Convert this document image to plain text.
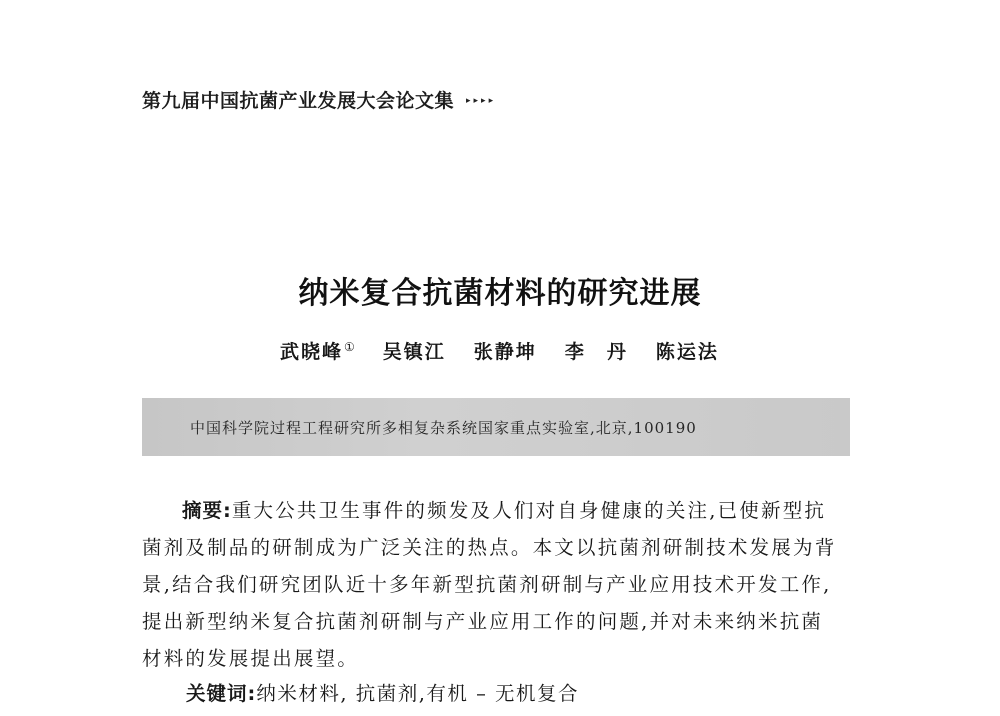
第九届中国抗菌产业发展大会论文集 ▸▸▸▸
纳米复合抗菌材料的研究进展
武晓峰① 吴镇江 张静坤 李　丹 陈运法
中国科学院过程工程研究所多相复杂系统国家重点实验室,北京,100190
摘要:重大公共卫生事件的频发及人们对自身健康的关注,已使新型抗
菌剂及制品的研制成为广泛关注的热点。本文以抗菌剂研制技术发展为背
景,结合我们研究团队近十多年新型抗菌剂研制与产业应用技术开发工作,
提出新型纳米复合抗菌剂研制与产业应用工作的问题,并对未来纳米抗菌
材料的发展提出展望。
关键词:纳米材料, 抗菌剂,有机 – 无机复合
